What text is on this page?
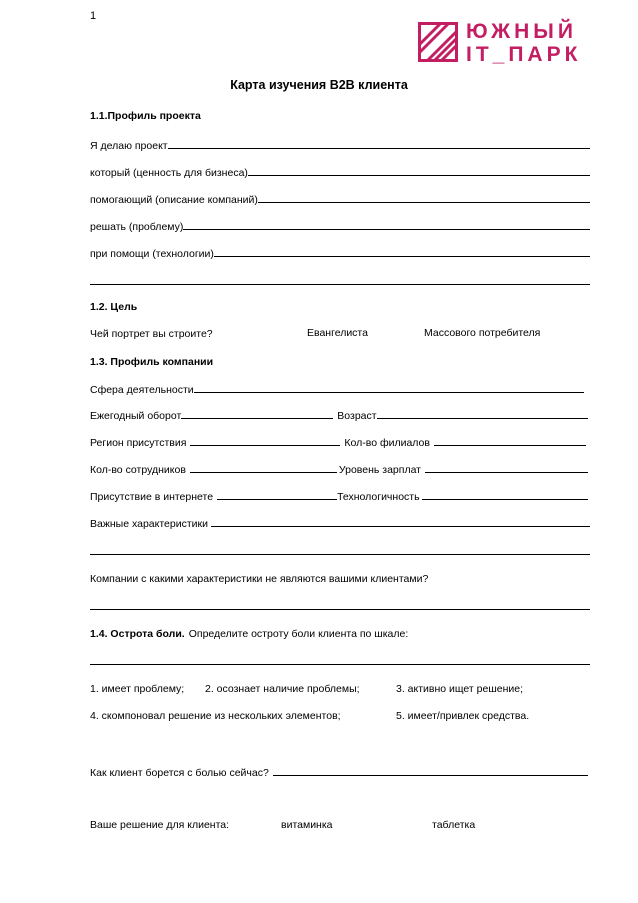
1
ЮЖНЫЙ
IT_ПАРК
Карта изучения B2B клиента
1.1.Профиль проекта
Я делаю проект
который (ценность для бизнеса)
помогающий (описание компаний)
решать (проблему)
при помощи (технологии)
1.2. Цель
Чей портрет вы строите?	Евангелиста	Массового потребителя
1.3. Профиль компании
Сфера деятельности
Ежегодный оборот	Возраст
Регион присутствия	Кол-во филиалов
Кол-во сотрудников	Уровень зарплат
Присутствие в интернете	Технологичность
Важные характеристики
Компании с какими характеристики не являются вашими клиентами?
1.4. Острота боли. Определите остроту боли клиента по шкале:
1. имеет проблему; 2. осознает наличие проблемы;	3. активно ищет решение;
4. скомпоновал решение из нескольких элементов;	5. имеет/привлек средства.
Как клиент борется с болью сейчас?
Ваше решение для клиента:	витаминка	таблетка
